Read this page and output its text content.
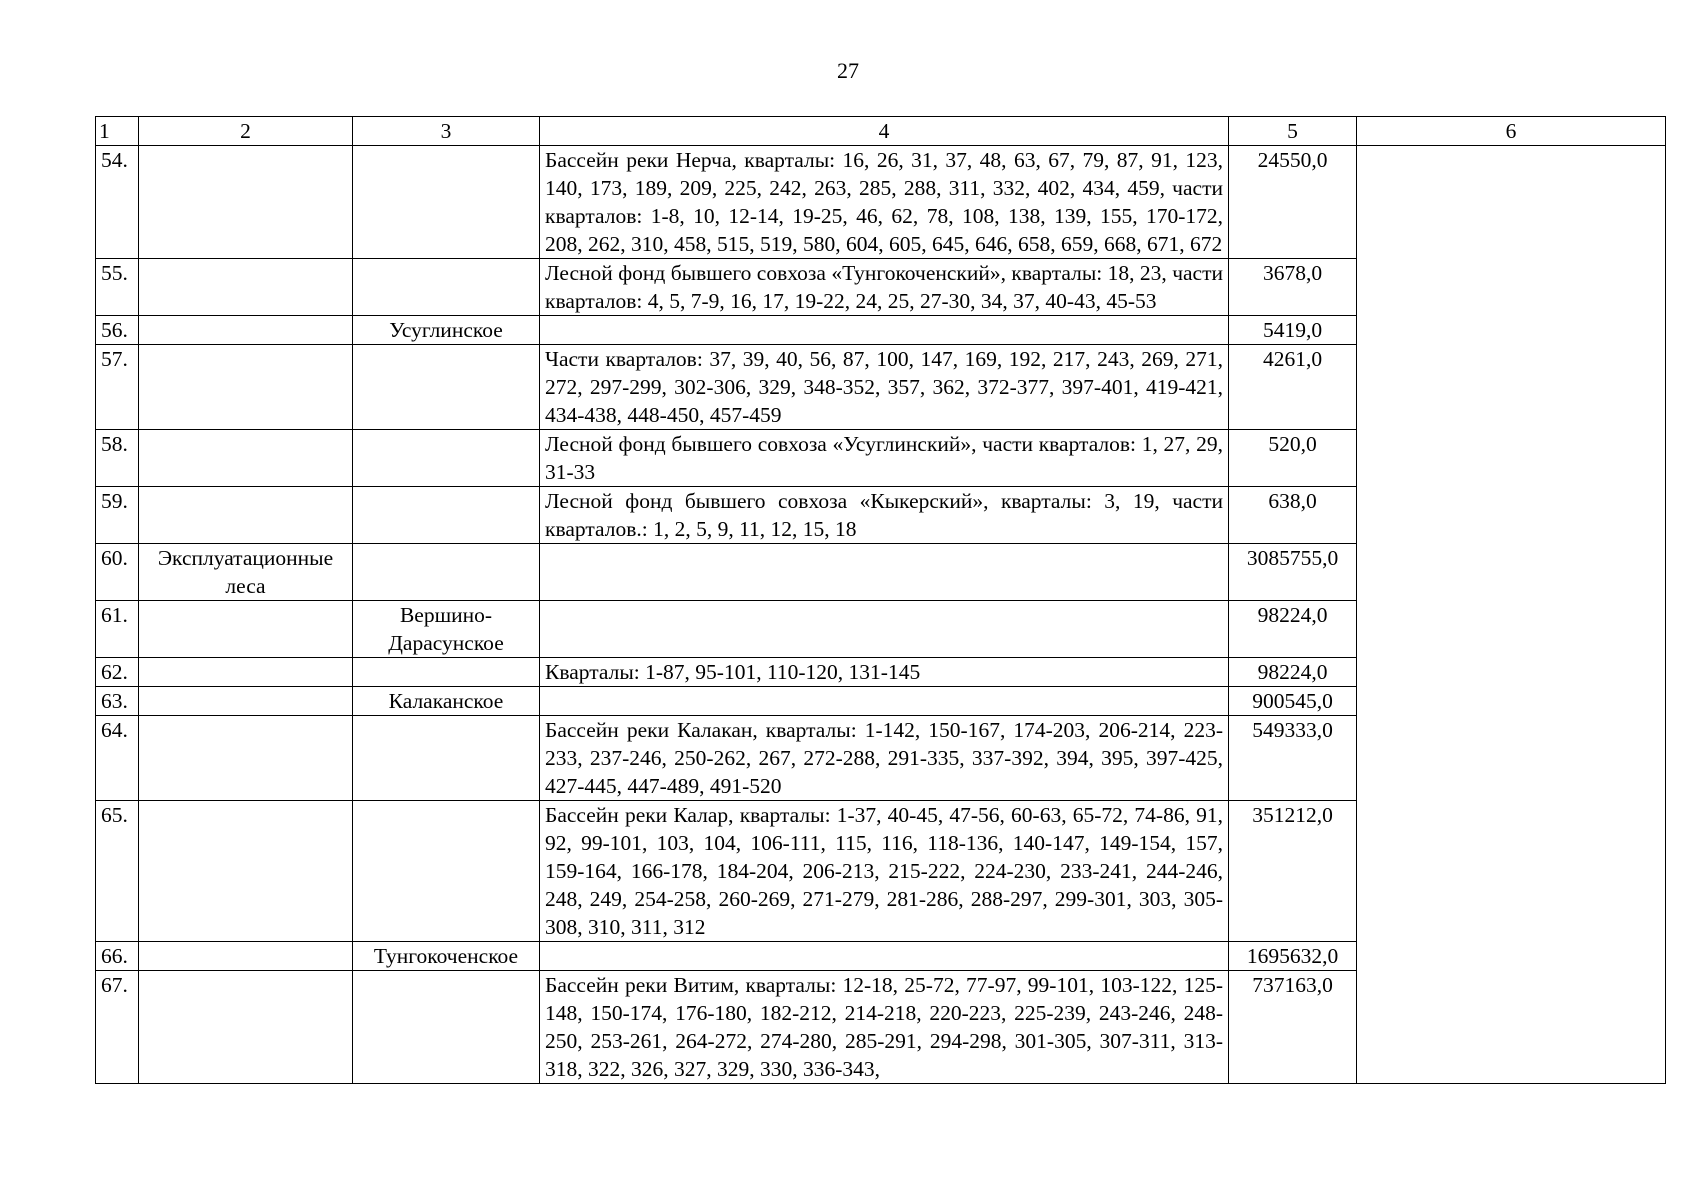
27
1	2	3	4	5	6
54.			Бассейн реки Нерча, кварталы: 16, 26, 31, 37, 48, 63, 67, 79, 87, 91, 123, 140, 173, 189, 209, 225, 242, 263, 285, 288, 311, 332, 402, 434, 459, части кварталов: 1-8, 10, 12-14, 19-25, 46, 62, 78, 108, 138, 139, 155, 170-172, 208, 262, 310, 458, 515, 519, 580, 604, 605, 645, 646, 658, 659, 668, 671, 672	24550,0	
55.			Лесной фонд бывшего совхоза «Тунгокоченский», кварталы: 18, 23, части кварталов: 4, 5, 7-9, 16, 17, 19-22, 24, 25, 27-30, 34, 37, 40-43, 45-53	3678,0	
56.		Усуглинское		5419,0	
57.			Части кварталов: 37, 39, 40, 56, 87, 100, 147, 169, 192, 217, 243, 269, 271, 272, 297-299, 302-306, 329, 348-352, 357, 362, 372-377, 397-401, 419-421, 434-438, 448-450, 457-459	4261,0	
58.			Лесной фонд бывшего совхоза «Усуглинский», части кварталов: 1, 27, 29, 31-33	520,0	
59.			Лесной фонд бывшего совхоза «Кыкерский», кварталы: 3, 19, части кварталов.: 1, 2, 5, 9, 11, 12, 15, 18	638,0	
60.	Эксплуатационные леса			3085755,0	
61.		Вершино-Дарасунское		98224,0	
62.			Кварталы: 1-87, 95-101, 110-120, 131-145	98224,0	
63.		Калаканское		900545,0	
64.			Бассейн реки Калакан, кварталы: 1-142, 150-167, 174-203, 206-214, 223-233, 237-246, 250-262, 267, 272-288, 291-335, 337-392, 394, 395, 397-425, 427-445, 447-489, 491-520	549333,0	
65.			Бассейн реки Калар, кварталы: 1-37, 40-45, 47-56, 60-63, 65-72, 74-86, 91, 92, 99-101, 103, 104, 106-111, 115, 116, 118-136, 140-147, 149-154, 157, 159-164, 166-178, 184-204, 206-213, 215-222, 224-230, 233-241, 244-246, 248, 249, 254-258, 260-269, 271-279, 281-286, 288-297, 299-301, 303, 305-308, 310, 311, 312	351212,0	
66.		Тунгокоченское		1695632,0	
67.			Бассейн реки Витим, кварталы: 12-18, 25-72, 77-97, 99-101, 103-122, 125-148, 150-174, 176-180, 182-212, 214-218, 220-223, 225-239, 243-246, 248-250, 253-261, 264-272, 274-280, 285-291, 294-298, 301-305, 307-311, 313-318, 322, 326, 327, 329, 330, 336-343,	737163,0	
